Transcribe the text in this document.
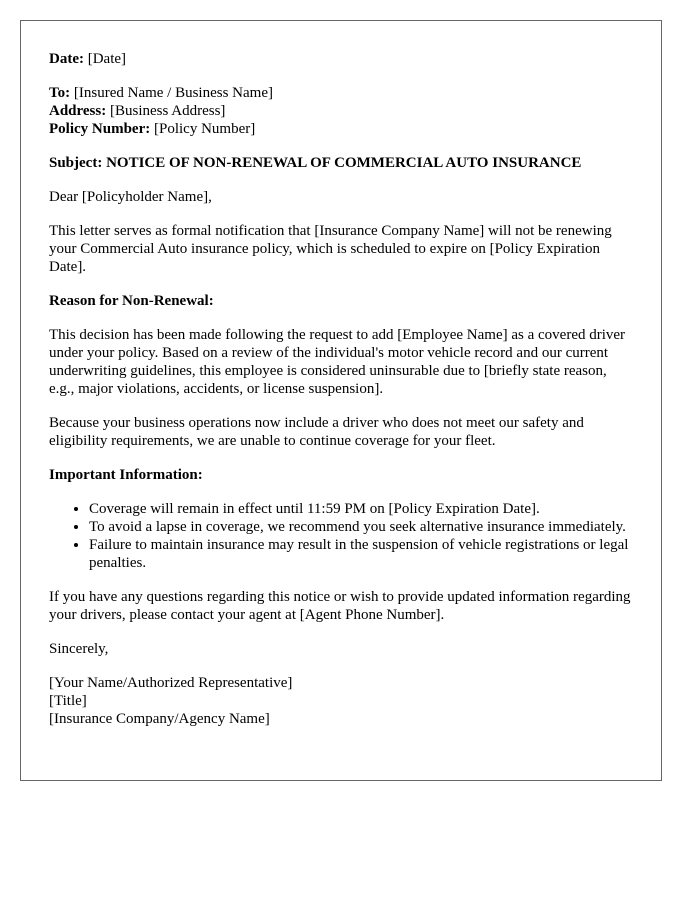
Date: [Date]

To: [Insured Name / Business Name]
Address: [Business Address]
Policy Number: [Policy Number]

Subject: NOTICE OF NON-RENEWAL OF COMMERCIAL AUTO INSURANCE

Dear [Policyholder Name],

This letter serves as formal notification that [Insurance Company Name] will not be renewing your Commercial Auto insurance policy, which is scheduled to expire on [Policy Expiration Date].

Reason for Non-Renewal:

This decision has been made following the request to add [Employee Name] as a covered driver under your policy. Based on a review of the individual's motor vehicle record and our current underwriting guidelines, this employee is considered uninsurable due to [briefly state reason, e.g., major violations, accidents, or license suspension].

Because your business operations now include a driver who does not meet our safety and eligibility requirements, we are unable to continue coverage for your fleet.

Important Information:

• Coverage will remain in effect until 11:59 PM on [Policy Expiration Date].
• To avoid a lapse in coverage, we recommend you seek alternative insurance immediately.
• Failure to maintain insurance may result in the suspension of vehicle registrations or legal penalties.

If you have any questions regarding this notice or wish to provide updated information regarding your drivers, please contact your agent at [Agent Phone Number].

Sincerely,

[Your Name/Authorized Representative]
[Title]
[Insurance Company/Agency Name]
